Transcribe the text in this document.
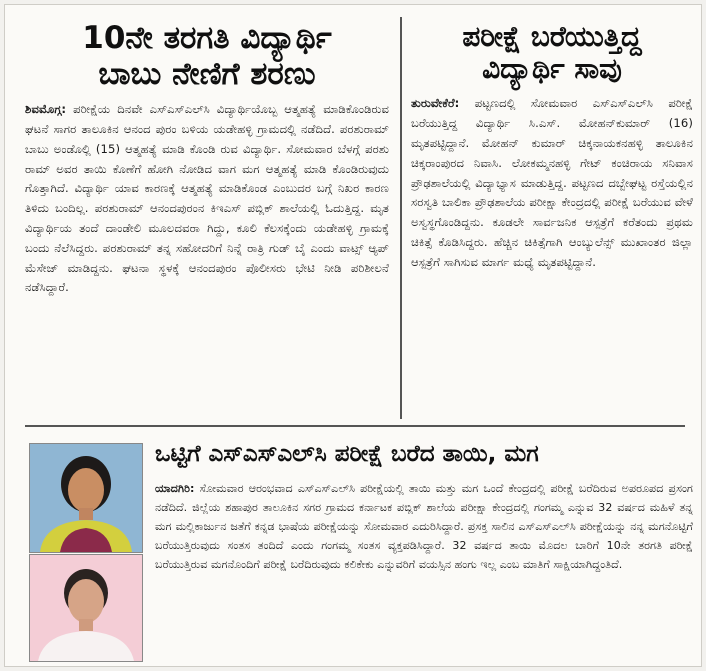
10ನೇ ತರಗತಿ ವಿದ್ಯಾರ್ಥಿ
ಬಾಬು ನೇಣಿಗೆ ಶರಣು

ಶಿವಮೊಗ್ಗ: ಪರೀಕ್ಷೆಯ ದಿನವೇ ಎಸ್‌ಎಸ್‌ಎಲ್‌ಸಿ ವಿದ್ಯಾರ್ಥಿಯೊಬ್ಬ ಆತ್ಮಹತ್ಯೆ ಮಾಡಿಕೊಂಡಿರುವ ಘಟನೆ ಸಾಗರ ತಾಲೂಕಿನ ಆನಂದ ಪುರಂ ಬಳಿಯ ಯಡೇಹಳ್ಳಿ ಗ್ರಾಮದಲ್ಲಿ ನಡೆದಿದೆ. ಪರಶುರಾಮ್ ಬಾಬು ಅಂಡೊಲ್ಲಿ (15) ಆತ್ಮಹತ್ಯೆ ಮಾಡಿ ಕೊಂಡಿ ರುವ ವಿದ್ಯಾರ್ಥಿ. ಸೋಮವಾರ ಬೆಳಗ್ಗೆ ಪರಶು ರಾಮ್ ಅವರ ತಾಯಿ ಕೊಣೆಗೆ ಹೋಗಿ ನೋಡಿದ ವಾಗ ಮಗ ಆತ್ಮಹತ್ಯೆ ಮಾಡಿ ಕೊಂಡಿರುವುದು ಗೊತ್ತಾಗಿದೆ. ವಿದ್ಯಾರ್ಥಿ ಯಾವ ಕಾರಣಕ್ಕೆ ಆತ್ಮಹತ್ಯೆ ಮಾಡಿಕೊಂಡ ಎಂಬುದರ ಬಗ್ಗೆ ನಿಖರ ಕಾರಣ ತಿಳಿದು ಬಂದಿಲ್ಲ. ಪರಶುರಾಮ್ ಆನಂದಪುರಂನ ಕಿಇಎಸ್ ಪಬ್ಲಿಕ್ ಶಾಲೆಯಲ್ಲಿ ಓದುತ್ತಿದ್ದ. ಮೃತ ವಿದ್ಯಾರ್ಥಿಯ ತಂದೆ ದಾಂಡೇಲಿ ಮೂಲದವರಾ ಗಿದ್ದು, ಕೂಲಿ ಕೆಲಸಕ್ಕೆಂದು ಯಡೇಹಳ್ಳಿ ಗ್ರಾಮಕ್ಕೆ ಬಂದು ನೆಲೆಸಿದ್ದರು. ಪರಶುರಾಮ್ ತನ್ನ ಸಹೋದರಿಗೆ ನಿನ್ನೆ ರಾತ್ರಿ ಗುಡ್ ಬೈ ಎಂದು ವಾಟ್ಸ್ ಆ್ಯಪ್ ಮೆಸೇಜ್ ಮಾಡಿದ್ದನು. ಘಟನಾ ಸ್ಥಳಕ್ಕೆ ಆನಂದಪುರಂ ಪೊಲೀಸರು ಭೇಟಿ ನೀಡಿ ಪರಿಶೀಲನೆ ನಡೆಸಿದ್ದಾರೆ.

ಪರೀಕ್ಷೆ ಬರೆಯುತ್ತಿದ್ದ
ವಿದ್ಯಾರ್ಥಿ ಸಾವು

ತುರುವೇಕೆರೆ: ಪಟ್ಟಣದಲ್ಲಿ ಸೋಮವಾರ ಎಸ್‌ಎಸ್‌ಎಲ್‌ಸಿ ಪರೀಕ್ಷೆ ಬರೆಯುತ್ತಿದ್ದ ವಿದ್ಯಾರ್ಥಿ ಸಿ.ಎಸ್. ಮೋಹನ್‌ಕುಮಾರ್ (16) ಮೃತಪಟ್ಟಿದ್ದಾನೆ. ಮೋಹನ್ ಕುಮಾರ್ ಚಿಕ್ಕನಾಯಕನಹಳ್ಳಿ ತಾಲೂಕಿನ ಚಿಕ್ಕರಾಂಪುರದ ನಿವಾಸಿ. ಲೋಕಮ್ಮನಹಳ್ಳಿ ಗೇಟ್ ಕಂಚಿರಾಯ ಸನಿವಾಸ ಪ್ರೌಢಶಾಲೆಯಲ್ಲಿ ವಿದ್ಯಾಭ್ಯಾಸ ಮಾಡುತ್ತಿದ್ದ. ಪಟ್ಟಣದ ದಬ್ಬೇಘಟ್ಟ ರಸ್ತೆಯಲ್ಲಿನ ಸರಸ್ವತಿ ಬಾಲಿಕಾ ಪ್ರೌಢಶಾಲೆಯ ಪರೀಕ್ಷಾ ಕೇಂದ್ರದಲ್ಲಿ ಪರೀಕ್ಷೆ ಬರೆಯುವ ವೇಳೆ ಅಸ್ವಸ್ಥಗೊಂಡಿದ್ದನು. ಕೂಡಲೇ ಸಾರ್ವಜನಿಕ ಆಸ್ಪತ್ರೆಗೆ ಕರೆತಂದು ಪ್ರಥಮ ಚಿಕಿತ್ಸೆ ಕೊಡಿಸಿದ್ದರು. ಹೆಚ್ಚಿನ ಚಿಕಿತ್ಸೆಗಾಗಿ ಆಂಬ್ಯುಲೆನ್ಸ್ ಮುಖಾಂತರ ಜಿಲ್ಲಾ ಆಸ್ಪತ್ರೆಗೆ ಸಾಗಿಸುವ ಮಾರ್ಗ ಮಧ್ಯೆ ಮೃತಪಟ್ಟಿದ್ದಾನೆ.

ಒಟ್ಟಿಗೆ ಎಸ್‌ಎಸ್‌ಎಲ್‌ಸಿ ಪರೀಕ್ಷೆ ಬರೆದ ತಾಯಿ, ಮಗ

ಯಾದಗಿರಿ: ಸೋಮವಾರ ಆರಂಭವಾದ ಎಸ್‌ಎಸ್‌ಎಲ್‌ಸಿ ಪರೀಕ್ಷೆಯಲ್ಲಿ ತಾಯಿ ಮತ್ತು ಮಗ ಒಂದೆ ಕೇಂದ್ರದಲ್ಲಿ ಪರೀಕ್ಷೆ ಬರೆದಿರುವ ಅಪರೂಪದ ಪ್ರಸಂಗ ನಡೆದಿದೆ. ಜಿಲ್ಲೆಯ ಶಹಾಪುರ ತಾಲೂಕಿನ ಸಗರ ಗ್ರಾಮದ ಕರ್ನಾಟಕ ಪಬ್ಲಿಕ್ ಶಾಲೆಯ ಪರೀಕ್ಷಾ ಕೇಂದ್ರದಲ್ಲಿ ಗಂಗಮ್ಮ ಎನ್ನುವ 32 ವರ್ಷದ ಮಹಿಳೆ ತನ್ನ ಮಗ ಮಲ್ಲಿಕಾರ್ಜುನ ಜತೆಗೆ ಕನ್ನಡ ಭಾಷೆಯ ಪರೀಕ್ಷೆಯನ್ನು ಸೋಮವಾರ ಎದುರಿಸಿದ್ದಾರೆ. ಪ್ರಸಕ್ತ ಸಾಲಿನ ಎಸ್‌ಎಸ್‌ಎಲ್‌ಸಿ ಪರೀಕ್ಷೆಯನ್ನು ನನ್ನ ಮಗನೊಟ್ಟಿಗೆ ಬರೆಯುತ್ತಿರುವುದು ಸಂತಸ ತಂದಿದೆ ಎಂದು ಗಂಗಮ್ಮ ಸಂತಸ ವ್ಯಕ್ತಪಡಿಸಿದ್ದಾರೆ. 32 ವರ್ಷದ ತಾಯಿ ಮೊದಲ ಬಾರಿಗೆ 10ನೇ ತರಗತಿ ಪರೀಕ್ಷೆ ಬರೆಯುತ್ತಿರುವ ಮಗನೊಂದಿಗೆ ಪರೀಕ್ಷೆ ಬರೆದಿರುವುದು ಕಲಿಕೇಕು ಎನ್ನುವರಿಗೆ ವಯಸ್ಸಿನ ಹಂಗು ಇಲ್ಲ ಎಂಬ ಮಾತಿಗೆ ಸಾಕ್ಷಿಯಾಗಿದ್ದಂತಿದೆ.
